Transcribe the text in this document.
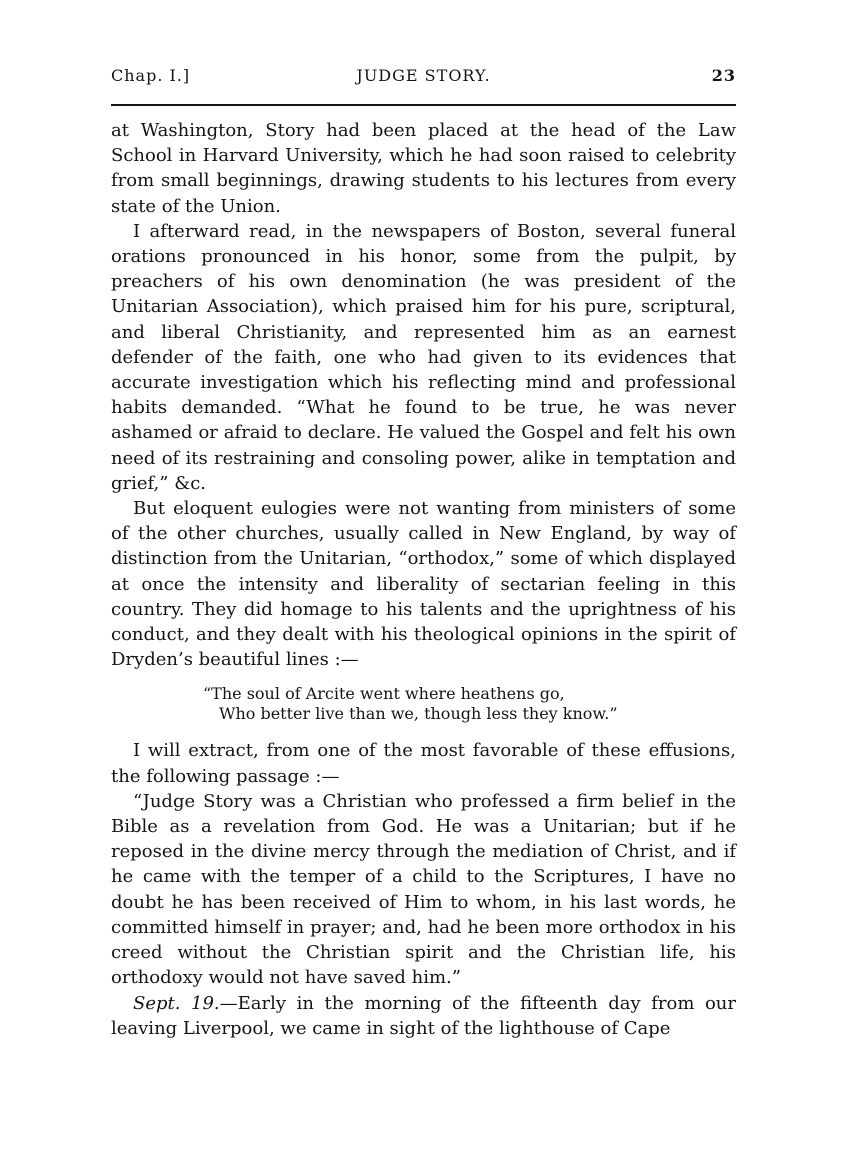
Chap. I.]	JUDGE STORY.	23

at Washington, Story had been placed at the head of the Law School in Harvard University, which he had soon raised to celebrity from small beginnings, drawing students to his lectures from every state of the Union.

I afterward read, in the newspapers of Boston, several funeral orations pronounced in his honor, some from the pulpit, by preachers of his own denomination (he was president of the Unitarian Association), which praised him for his pure, scriptural, and liberal Christianity, and represented him as an earnest defender of the faith, one who had given to its evidences that accurate investigation which his reflecting mind and professional habits demanded. “What he found to be true, he was never ashamed or afraid to declare. He valued the Gospel and felt his own need of its restraining and consoling power, alike in temptation and grief,” &c.

But eloquent eulogies were not wanting from ministers of some of the other churches, usually called in New England, by way of distinction from the Unitarian, “orthodox,” some of which displayed at once the intensity and liberality of sectarian feeling in this country. They did homage to his talents and the uprightness of his conduct, and they dealt with his theological opinions in the spirit of Dryden’s beautiful lines :—

“The soul of Arcite went where heathens go,
Who better live than we, though less they know.”

I will extract, from one of the most favorable of these effusions, the following passage :—

“Judge Story was a Christian who professed a firm belief in the Bible as a revelation from God. He was a Unitarian; but if he reposed in the divine mercy through the mediation of Christ, and if he came with the temper of a child to the Scriptures, I have no doubt he has been received of Him to whom, in his last words, he committed himself in prayer; and, had he been more orthodox in his creed without the Christian spirit and the Christian life, his orthodoxy would not have saved him.”

Sept. 19.—Early in the morning of the fifteenth day from our leaving Liverpool, we came in sight of the lighthouse of Cape
